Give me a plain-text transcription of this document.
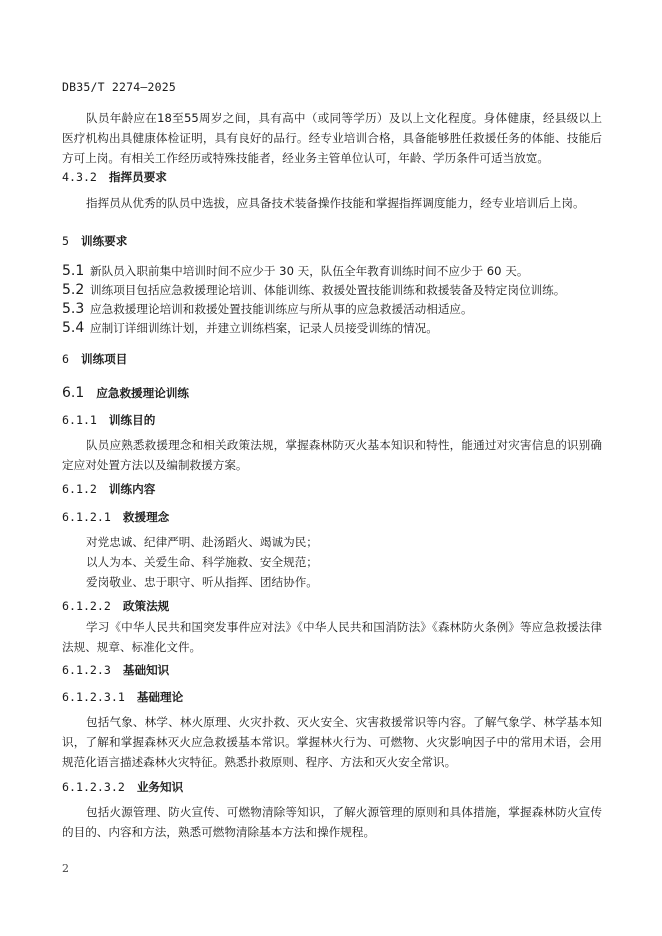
DB35/T 2274—2025

队员年龄应在18至55周岁之间，具有高中（或同等学历）及以上文化程度。身体健康，经县级以上医疗机构出具健康体检证明，具有良好的品行。经专业培训合格，具备能够胜任救援任务的体能、技能后方可上岗。有相关工作经历或特殊技能者，经业务主管单位认可，年龄、学历条件可适当放宽。

4.3.2 指挥员要求

指挥员从优秀的队员中选拔，应具备技术装备操作技能和掌握指挥调度能力，经专业培训后上岗。

5 训练要求
5.1 新队员入职前集中培训时间不应少于 30 天，队伍全年教育训练时间不应少于 60 天。
5.2 训练项目包括应急救援理论培训、体能训练、救援处置技能训练和救援装备及特定岗位训练。
5.3 应急救援理论培训和救援处置技能训练应与所从事的应急救援活动相适应。
5.4 应制订详细训练计划，并建立训练档案，记录人员接受训练的情况。
6 训练项目
6.1 应急救援理论训练
6.1.1 训练目的

队员应熟悉救援理念和相关政策法规，掌握森林防灭火基本知识和特性，能通过对灾害信息的识别确定应对处置方法以及编制救援方案。

6.1.2 训练内容
6.1.2.1 救援理念

对党忠诚、纪律严明、赴汤蹈火、竭诚为民；

以人为本、关爱生命、科学施救、安全规范；

爱岗敬业、忠于职守、听从指挥、团结协作。

6.1.2.2 政策法规

学习《中华人民共和国突发事件应对法》《中华人民共和国消防法》《森林防火条例》等应急救援法律法规、规章、标准化文件。

6.1.2.3 基础知识
6.1.2.3.1 基础理论

包括气象、林学、林火原理、火灾扑救、灭火安全、灾害救援常识等内容。了解气象学、林学基本知识，了解和掌握森林灭火应急救援基本常识。掌握林火行为、可燃物、火灾影响因子中的常用术语，会用规范化语言描述森林火灾特征。熟悉扑救原则、程序、方法和灭火安全常识。

6.1.2.3.2 业务知识

包括火源管理、防火宣传、可燃物清除等知识，了解火源管理的原则和具体措施，掌握森林防火宣传的目的、内容和方法，熟悉可燃物清除基本方法和操作规程。

2
